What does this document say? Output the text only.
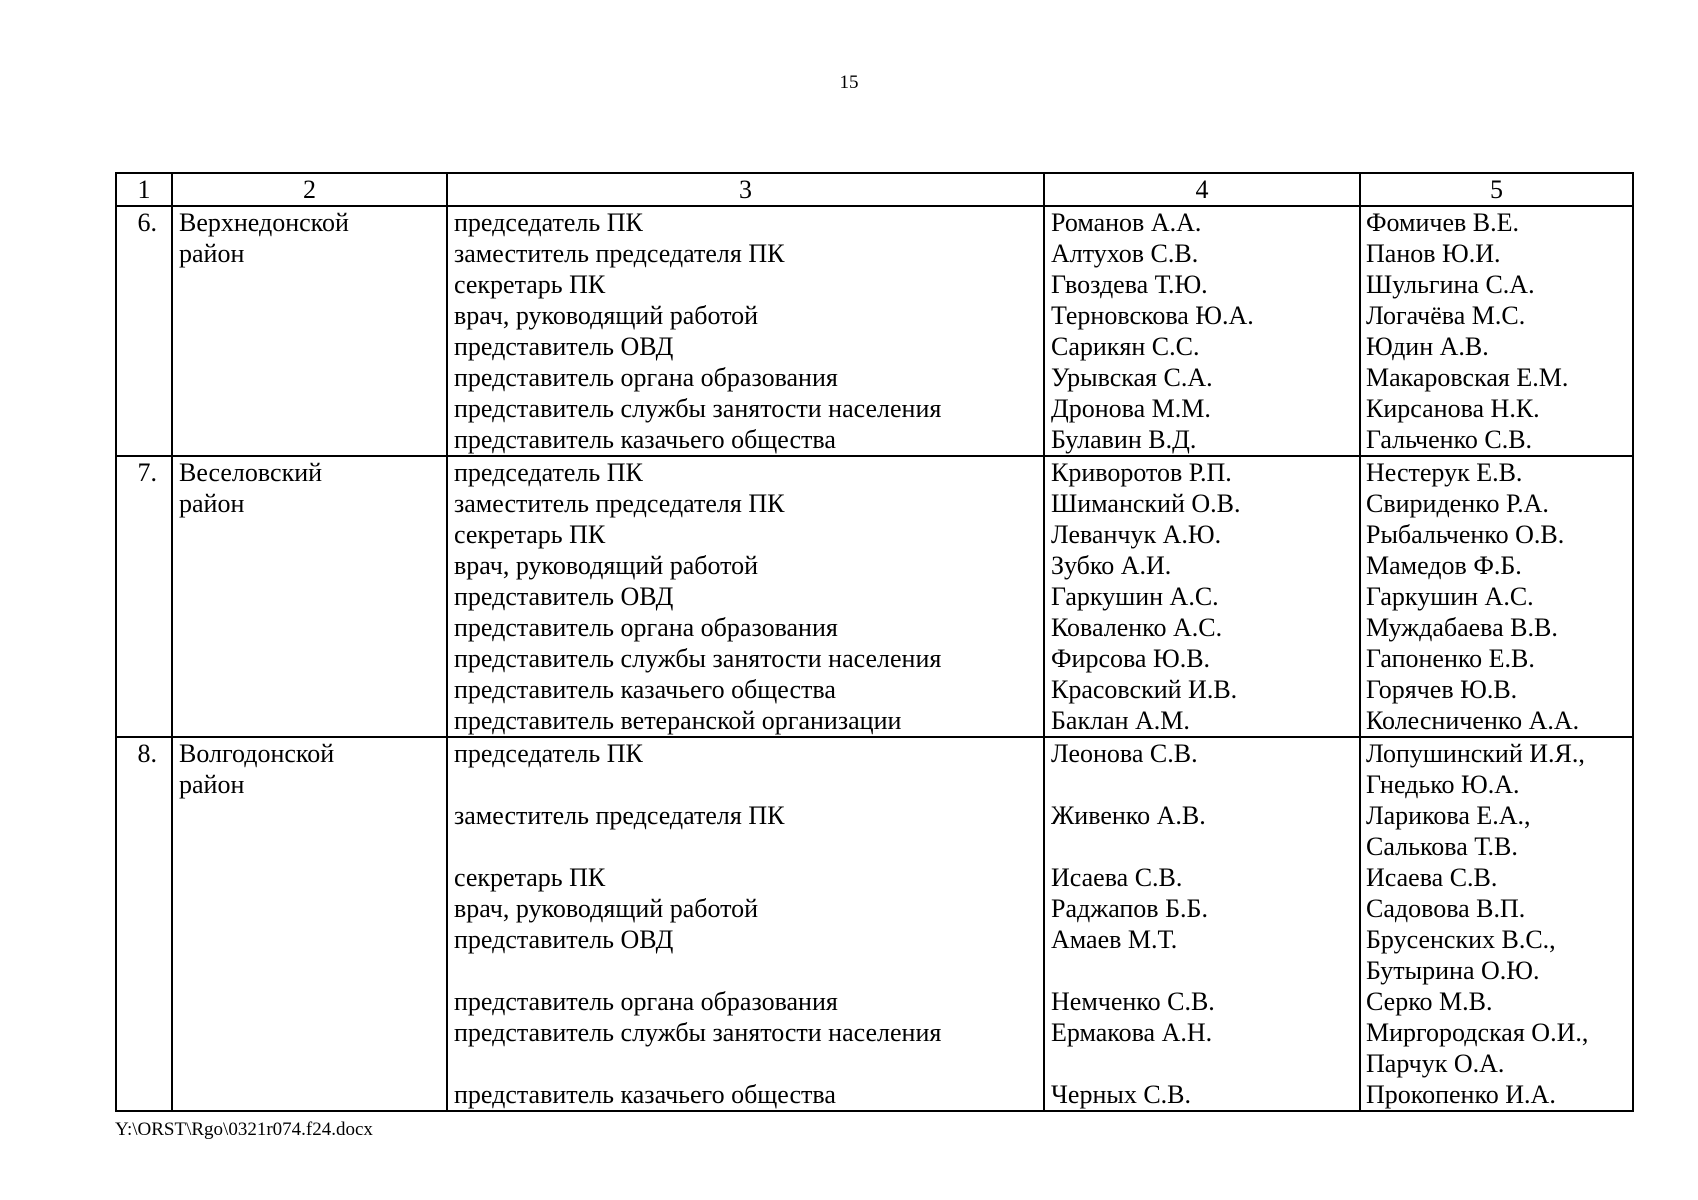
15
1	2	3	4	5
6.	Верхнедонской	председатель ПК	Романов А.А.	Фомичев В.Е.
	район	заместитель председателя ПК	Алтухов С.В.	Панов Ю.И.
		секретарь ПК	Гвоздева Т.Ю.	Шульгина С.А.
		врач, руководящий работой	Терновскова Ю.А.	Логачёва М.С.
		представитель ОВД	Сарикян С.С.	Юдин А.В.
		представитель органа образования	Урывская С.А.	Макаровская Е.М.
		представитель службы занятости населения	Дронова М.М.	Кирсанова Н.К.
		представитель казачьего общества	Булавин В.Д.	Гальченко С.В.
7.	Веселовский	председатель ПК	Криворотов Р.П.	Нестерук Е.В.
	район	заместитель председателя ПК	Шиманский О.В.	Свириденко Р.А.
		секретарь ПК	Леванчук А.Ю.	Рыбальченко О.В.
		врач, руководящий работой	Зубко А.И.	Мамедов Ф.Б.
		представитель ОВД	Гаркушин А.С.	Гаркушин А.С.
		представитель органа образования	Коваленко А.С.	Муждабаева В.В.
		представитель службы занятости населения	Фирсова Ю.В.	Гапоненко Е.В.
		представитель казачьего общества	Красовский И.В.	Горячев Ю.В.
		представитель ветеранской организации	Баклан А.М.	Колесниченко А.А.
8.	Волгодонской	председатель ПК	Леонова С.В.	Лопушинский И.Я.,
	район			Гнедько Ю.А.
		заместитель председателя ПК	Живенко А.В.	Ларикова Е.А.,
				Салькова Т.В.
		секретарь ПК	Исаева С.В.	Исаева С.В.
		врач, руководящий работой	Раджапов Б.Б.	Садовова В.П.
		представитель ОВД	Амаев М.Т.	Брусенских В.С.,
				Бутырина О.Ю.
		представитель органа образования	Немченко С.В.	Серко М.В.
		представитель службы занятости населения	Ермакова А.Н.	Миргородская О.И.,
				Парчук О.А.
		представитель казачьего общества	Черных С.В.	Прокопенко И.А.
Y:\ORST\Rgo\0321r074.f24.docx
